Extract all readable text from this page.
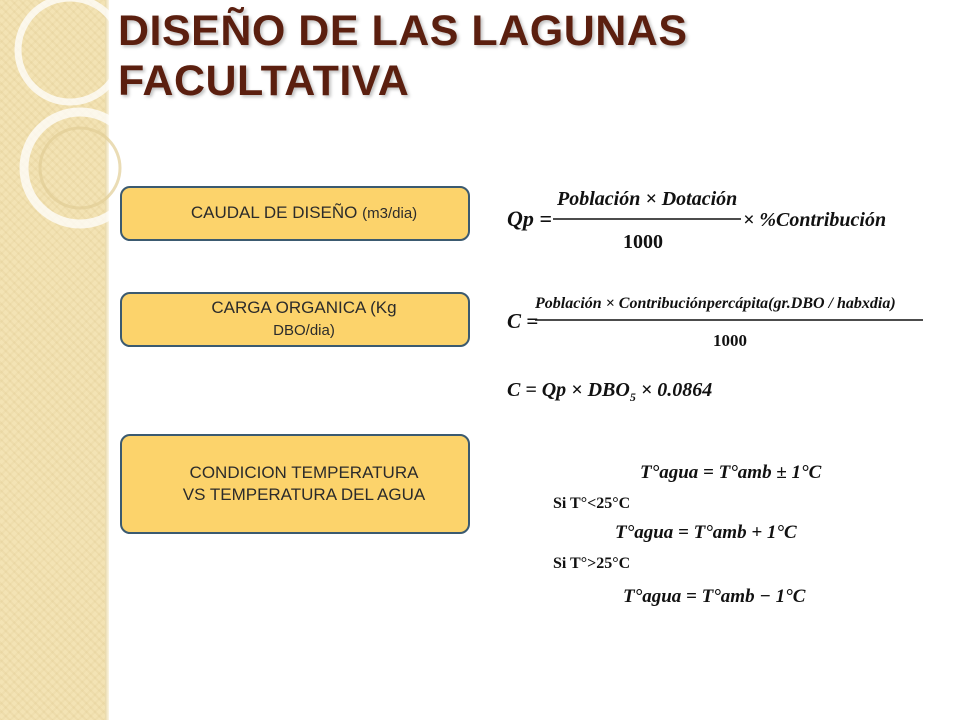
DISEÑO DE LAS LAGUNAS
FACULTATIVA
CAUDAL DE DISEÑO (m3/dia)
CARGA ORGANICA (Kg
DBO/dia)
CONDICION TEMPERATURA
VS TEMPERATURA DEL AGUA
Qp =
Población × Dotación
1000
× %Contribución
C =
Población × Contribuciónpercápita(gr.DBO / habxdia)
1000
$C = Qp \times DBO_5 \times 0.0864$
T°agua = T°amb ± 1°C
Si T°<25°C
T°agua = T°amb + 1°C
Si T°>25°C
T°agua = T°amb − 1°C
